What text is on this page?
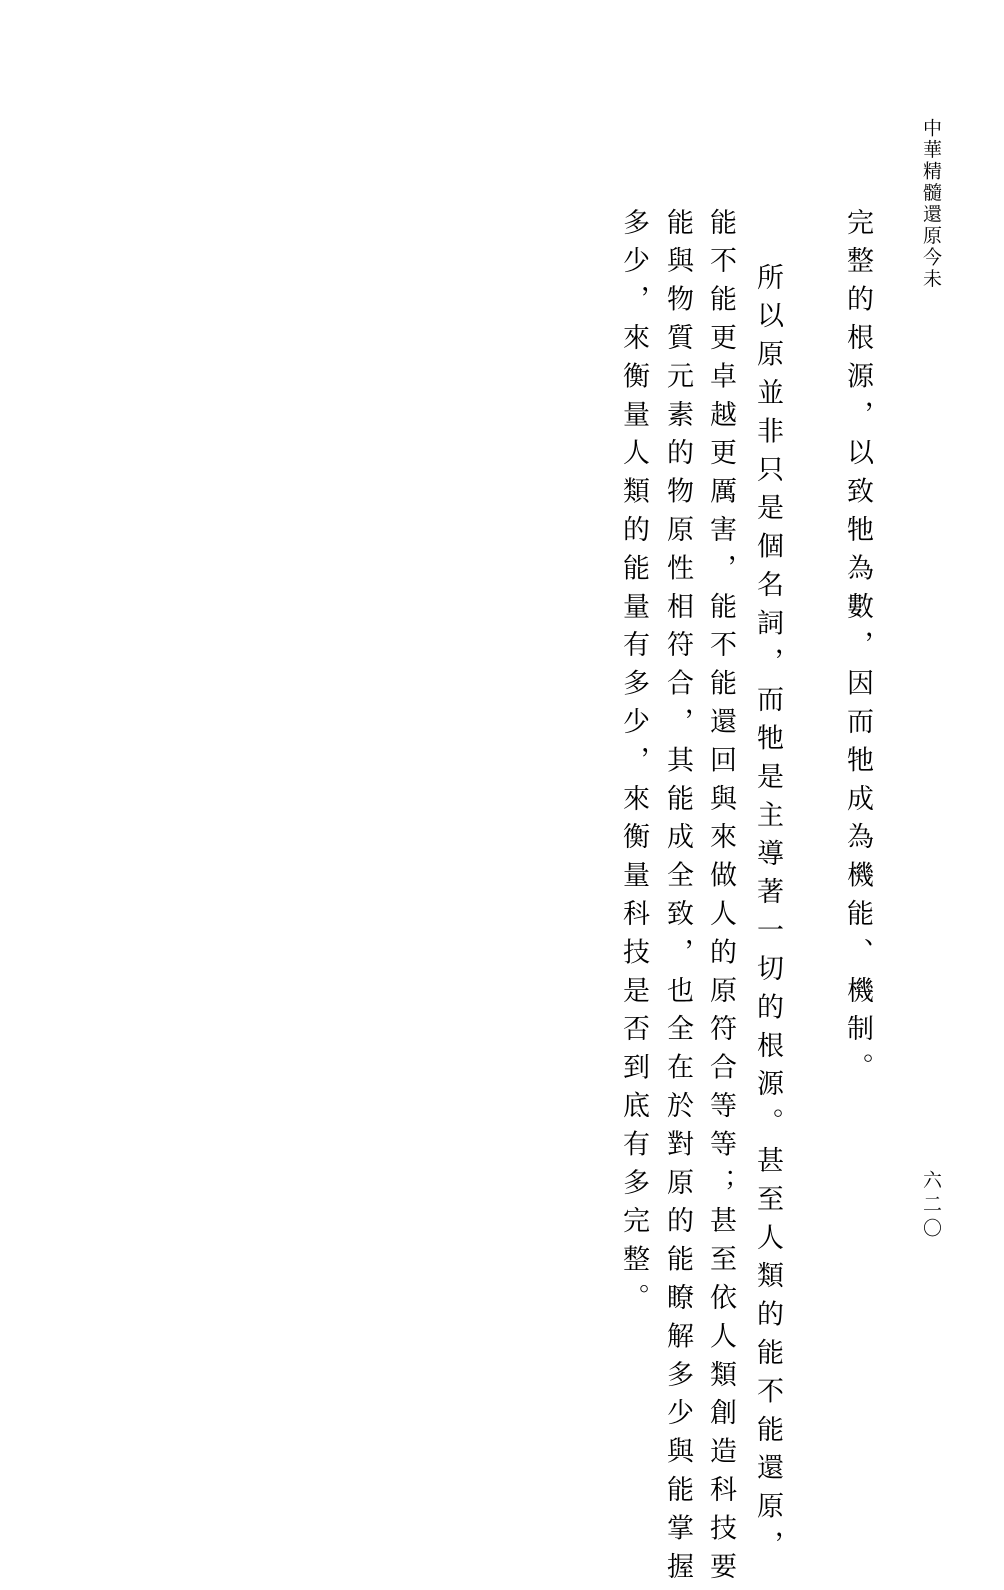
中華精髓還原今未
六二〇
完整的根源，以致牠為數，因而牠成為機能、機制。
所以原並非只是個名詞，而牠是主導著一切的根源。甚至人類的能不能還原，
能不能更卓越更厲害，能不能還回與來做人的原符合等等；甚至依人類創造科技要
能與物質元素的物原性相符合，其能成全致，也全在於對原的能瞭解多少與能掌握
多少，來衡量人類的能量有多少，來衡量科技是否到底有多完整。
